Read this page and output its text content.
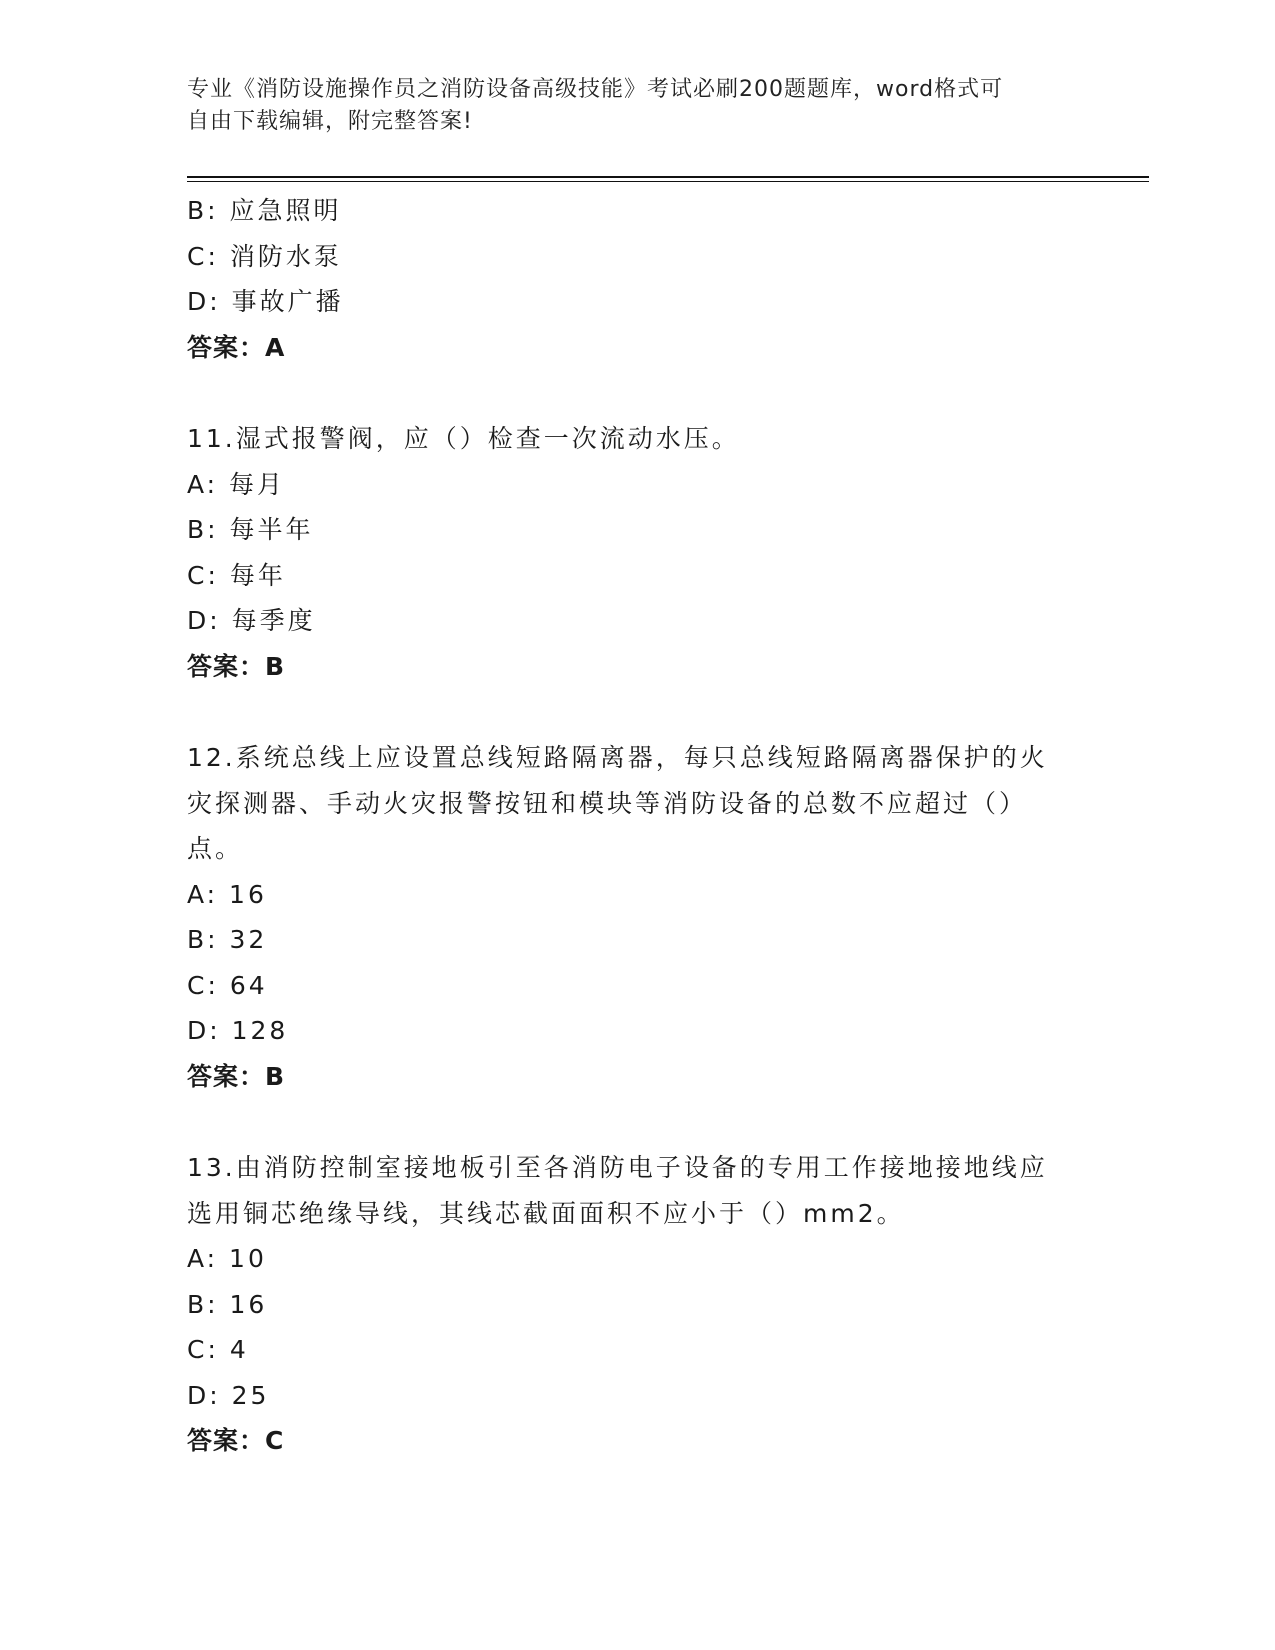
专业《消防设施操作员之消防设备高级技能》考试必刷200题题库，word格式可
自由下载编辑，附完整答案!
B: 应急照明
C: 消防水泵
D: 事故广播
答案：A
11.湿式报警阀，应（）检查一次流动水压。
A: 每月
B: 每半年
C: 每年
D: 每季度
答案：B
12.系统总线上应设置总线短路隔离器，每只总线短路隔离器保护的火
灾探测器、手动火灾报警按钮和模块等消防设备的总数不应超过（）
点。
A: 16
B: 32
C: 64
D: 128
答案：B
13.由消防控制室接地板引至各消防电子设备的专用工作接地接地线应
选用铜芯绝缘导线，其线芯截面面积不应小于（）mm2。
A: 10
B: 16
C: 4
D: 25
答案：C
